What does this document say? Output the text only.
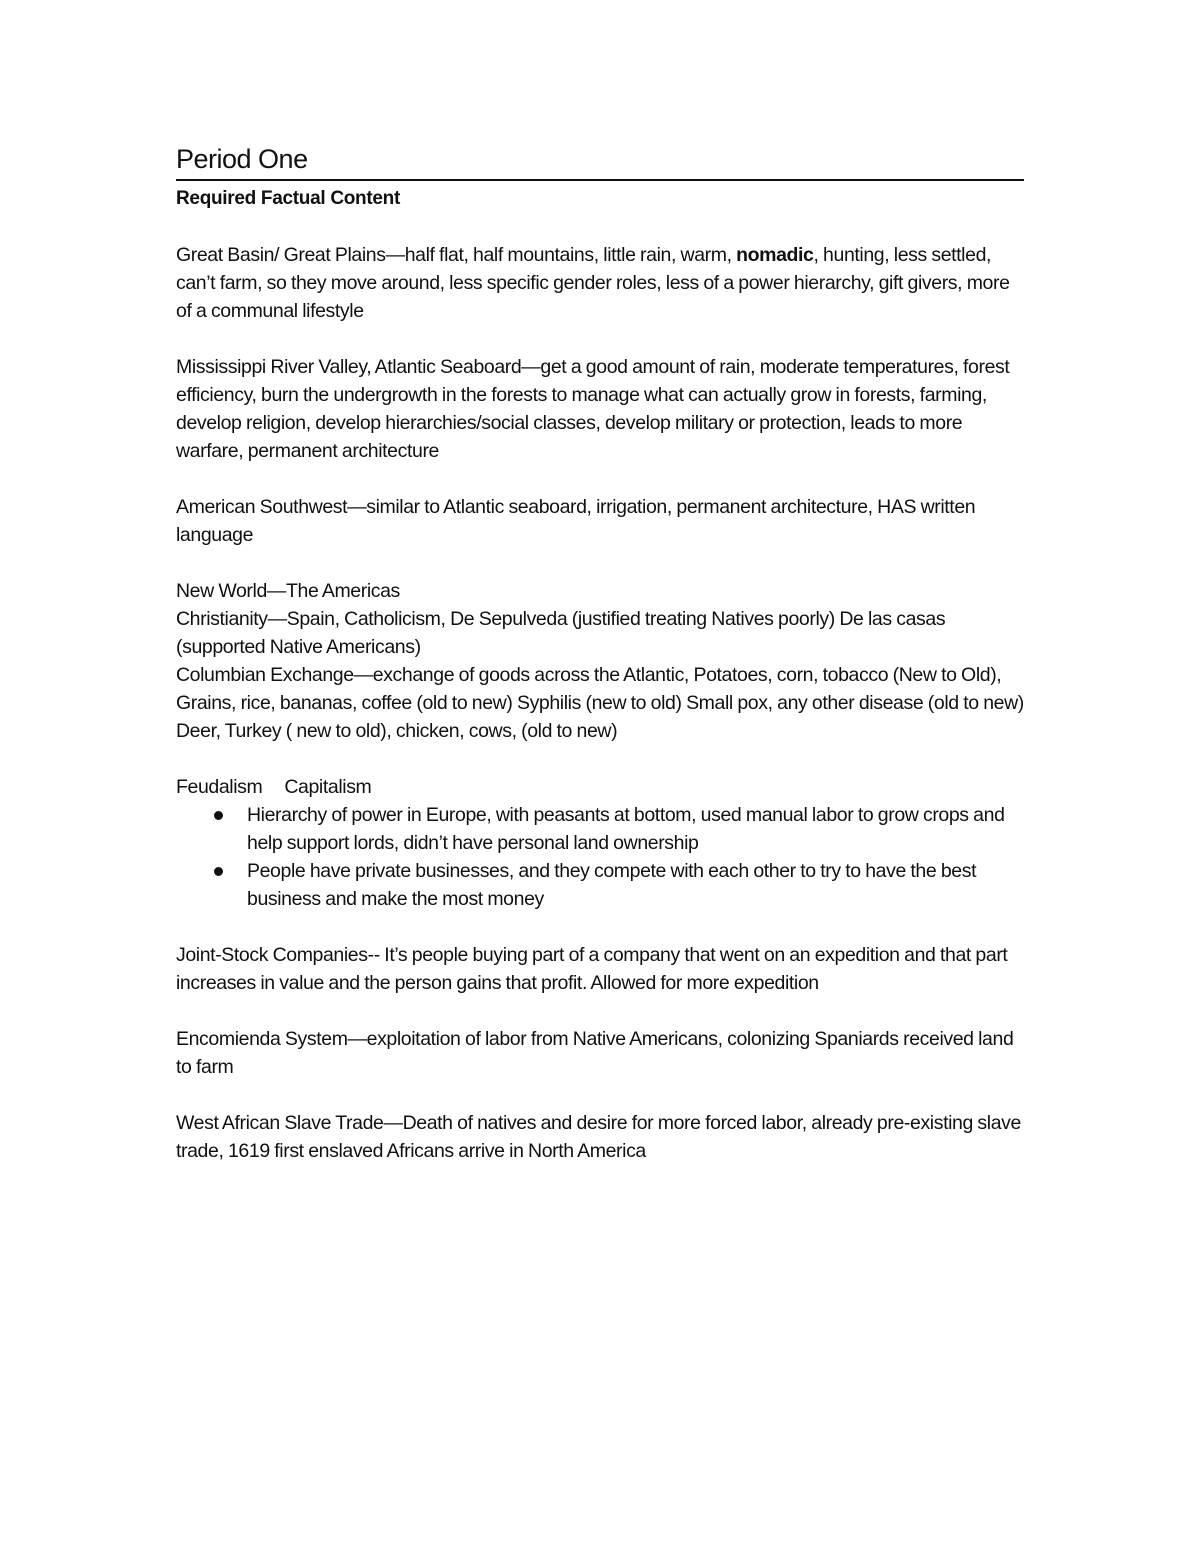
Period One
Required Factual Content

Great Basin/ Great Plains—half flat, half mountains, little rain, warm, nomadic, hunting, less settled, can’t farm, so they move around, less specific gender roles, less of a power hierarchy, gift givers, more of a communal lifestyle

Mississippi River Valley, Atlantic Seaboard—get a good amount of rain, moderate temperatures, forest efficiency, burn the undergrowth in the forests to manage what can actually grow in forests, farming, develop religion, develop hierarchies/social classes, develop military or protection, leads to more warfare, permanent architecture

American Southwest—similar to Atlantic seaboard, irrigation, permanent architecture, HAS written language

New World—The Americas

Christianity—Spain, Catholicism, De Sepulveda (justified treating Natives poorly) De las casas (supported Native Americans)

Columbian Exchange—exchange of goods across the Atlantic, Potatoes, corn, tobacco (New to Old), Grains, rice, bananas, coffee (old to new) Syphilis (new to old) Small pox, any other disease (old to new) Deer, Turkey ( new to old), chicken, cows, (old to new)

Feudalism Capitalism

Hierarchy of power in Europe, with peasants at bottom, used manual labor to grow crops and help support lords, didn’t have personal land ownership
People have private businesses, and they compete with each other to try to have the best business and make the most money

Joint-Stock Companies-- It’s people buying part of a company that went on an expedition and that part increases in value and the person gains that profit. Allowed for more expedition

Encomienda System—exploitation of labor from Native Americans, colonizing Spaniards received land to farm

West African Slave Trade—Death of natives and desire for more forced labor, already pre-existing slave trade, 1619 first enslaved Africans arrive in North America
